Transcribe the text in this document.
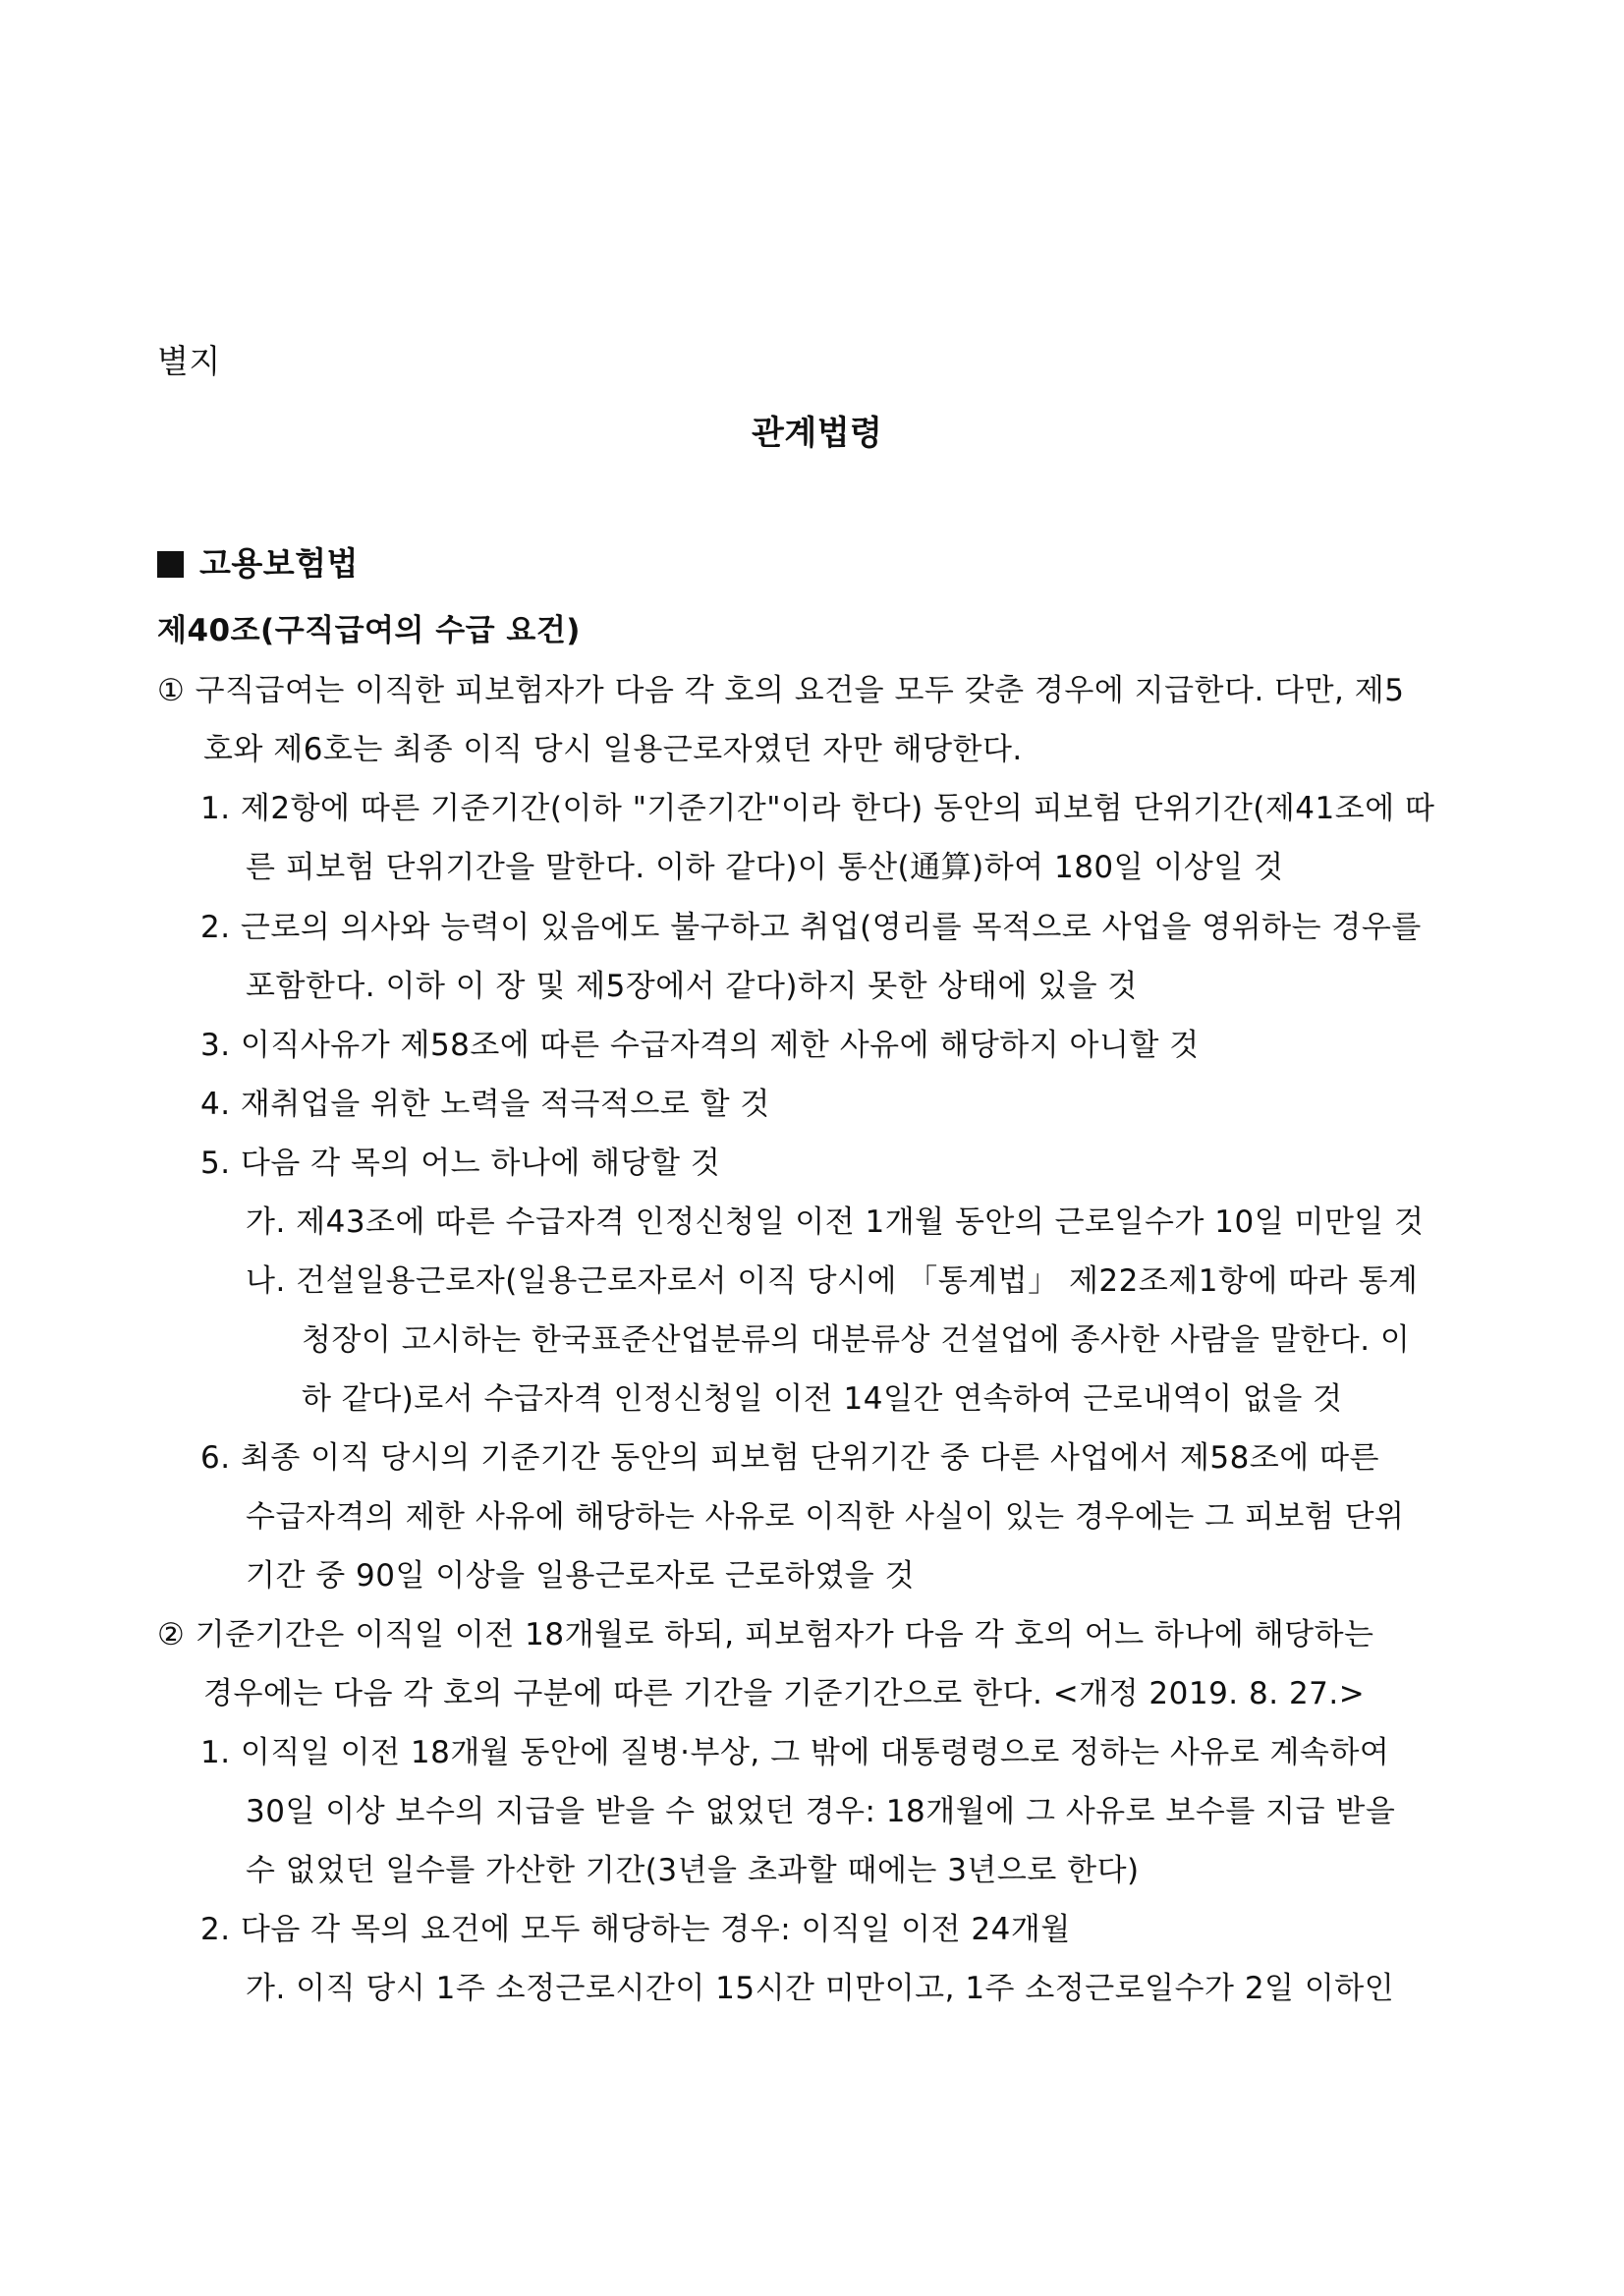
별지
관계법령
고용보험법
제40조(구직급여의 수급 요건)
① 구직급여는 이직한 피보험자가 다음 각 호의 요건을 모두 갖춘 경우에 지급한다. 다만, 제5
호와 제6호는 최종 이직 당시 일용근로자였던 자만 해당한다.
1. 제2항에 따른 기준기간(이하 "기준기간"이라 한다) 동안의 피보험 단위기간(제41조에 따
른 피보험 단위기간을 말한다. 이하 같다)이 통산(通算)하여 180일 이상일 것
2. 근로의 의사와 능력이 있음에도 불구하고 취업(영리를 목적으로 사업을 영위하는 경우를
포함한다. 이하 이 장 및 제5장에서 같다)하지 못한 상태에 있을 것
3. 이직사유가 제58조에 따른 수급자격의 제한 사유에 해당하지 아니할 것
4. 재취업을 위한 노력을 적극적으로 할 것
5. 다음 각 목의 어느 하나에 해당할 것
가. 제43조에 따른 수급자격 인정신청일 이전 1개월 동안의 근로일수가 10일 미만일 것
나. 건설일용근로자(일용근로자로서 이직 당시에 「통계법」 제22조제1항에 따라 통계
청장이 고시하는 한국표준산업분류의 대분류상 건설업에 종사한 사람을 말한다. 이
하 같다)로서 수급자격 인정신청일 이전 14일간 연속하여 근로내역이 없을 것
6. 최종 이직 당시의 기준기간 동안의 피보험 단위기간 중 다른 사업에서 제58조에 따른
수급자격의 제한 사유에 해당하는 사유로 이직한 사실이 있는 경우에는 그 피보험 단위
기간 중 90일 이상을 일용근로자로 근로하였을 것
② 기준기간은 이직일 이전 18개월로 하되, 피보험자가 다음 각 호의 어느 하나에 해당하는
경우에는 다음 각 호의 구분에 따른 기간을 기준기간으로 한다. <개정 2019. 8. 27.>
1. 이직일 이전 18개월 동안에 질병·부상, 그 밖에 대통령령으로 정하는 사유로 계속하여
30일 이상 보수의 지급을 받을 수 없었던 경우: 18개월에 그 사유로 보수를 지급 받을
수 없었던 일수를 가산한 기간(3년을 초과할 때에는 3년으로 한다)
2. 다음 각 목의 요건에 모두 해당하는 경우: 이직일 이전 24개월
가. 이직 당시 1주 소정근로시간이 15시간 미만이고, 1주 소정근로일수가 2일 이하인
